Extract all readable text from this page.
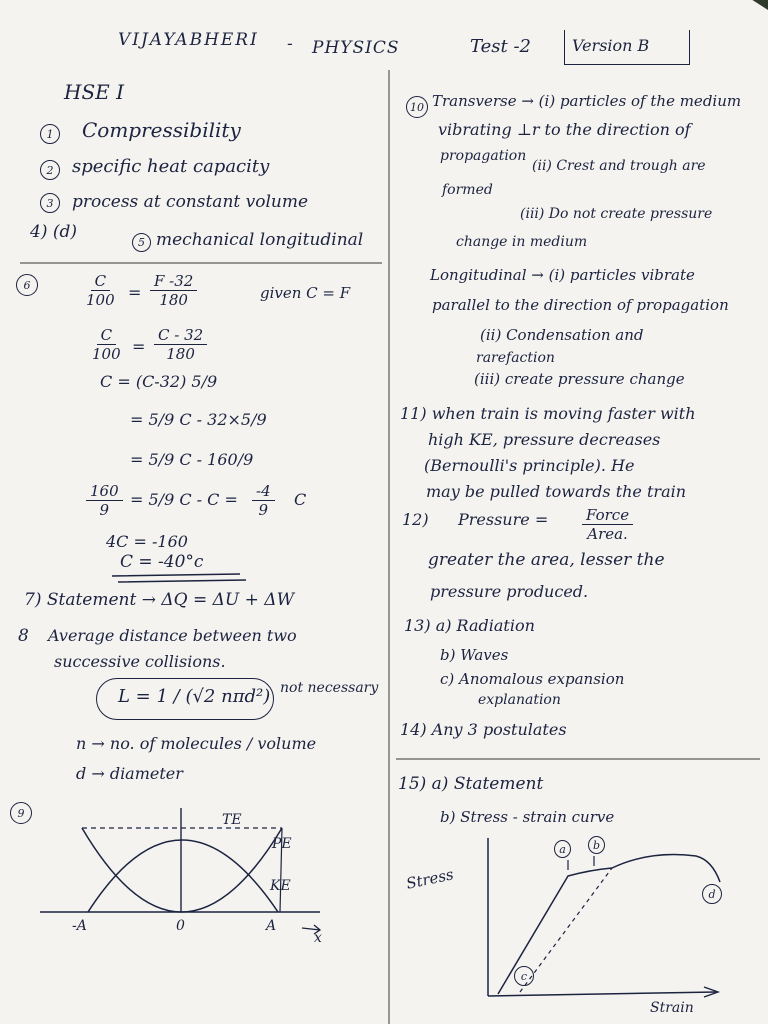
VIJAYABHERI - PHYSICS	Test -2	Version B
HSE I
1	Compressibility
2	specific heat capacity
3	process at constant volume
4) (d)
5 mechanical longitudinal
6	$\frac{C}{100} = \frac{F -32}{180}$	given C = F
$\frac{C}{100} = \frac{C - 32}{180}$
C = (C-32) 5/9
= 5/9 C - 32×5/9
= 5/9 C - 160/9
$\frac{160}{9} = 5/9$ $C - C = \frac{-4}{9}$ C
4C = -160
C = -40°c
7) Statement → ΔQ = ΔU + ΔW
8 Average distance between two
successive collisions.
L = 1 / (√2 nπd²) not necessary
n → no. of molecules / volume
d → diameter
9	TE
PE
KE
-A	0	A
x
10 Transverse → (i) particles of the medium
vibrating ⊥r to the direction of
propagation
(ii) Crest and trough are
formed
(iii) Do not create pressure
change in medium
Longitudinal → (i) particles vibrate
parallel to the direction of propagation
(ii) Condensation and
rarefaction
(iii) create pressure change
11) when train is moving faster with
high KE, pressure decreases
(Bernoulli's principle). He
may be pulled towards the train
12) Pressure =	Force
Area.
greater the area, lesser the
pressure produced.
13) a) Radiation
b) Waves
c) Anomalous expansion
explanation
14) Any 3 postulates
15) a) Statement
b) Stress - strain curve
Stress
Strain
a	b
c
d
